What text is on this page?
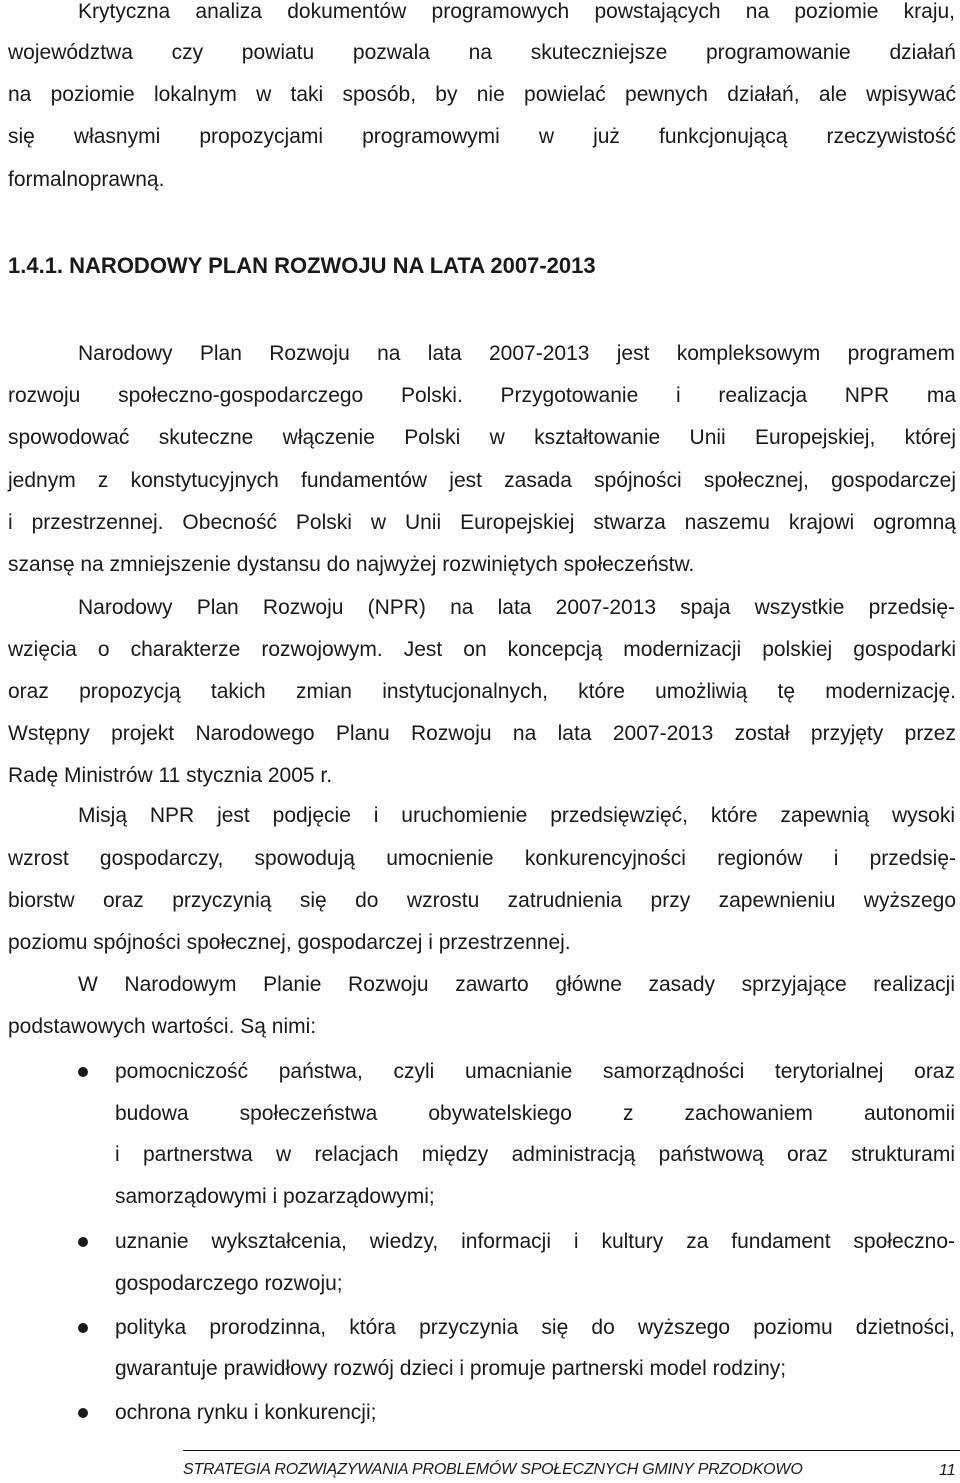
Krytyczna analiza dokumentów programowych powstających na poziomie kraju,
województwa czy powiatu pozwala na skuteczniejsze programowanie działań
na poziomie lokalnym w taki sposób, by nie powielać pewnych działań, ale wpisywać
się własnymi propozycjami programowymi w już funkcjonującą rzeczywistość
formalnoprawną.
1.4.1. NARODOWY PLAN ROZWOJU NA LATA 2007-2013
Narodowy Plan Rozwoju na lata 2007-2013 jest kompleksowym programem
rozwoju społeczno-gospodarczego Polski. Przygotowanie i realizacja NPR ma
spowodować skuteczne włączenie Polski w kształtowanie Unii Europejskiej, której
jednym z konstytucyjnych fundamentów jest zasada spójności społecznej, gospodarczej
i przestrzennej. Obecność Polski w Unii Europejskiej stwarza naszemu krajowi ogromną
szansę na zmniejszenie dystansu do najwyżej rozwiniętych społeczeństw.
Narodowy Plan Rozwoju (NPR) na lata 2007-2013 spaja wszystkie przedsię-
wzięcia o charakterze rozwojowym. Jest on koncepcją modernizacji polskiej gospodarki
oraz propozycją takich zmian instytucjonalnych, które umożliwią tę modernizację.
Wstępny projekt Narodowego Planu Rozwoju na lata 2007-2013 został przyjęty przez
Radę Ministrów 11 stycznia 2005 r.
Misją NPR jest podjęcie i uruchomienie przedsięwzięć, które zapewnią wysoki
wzrost gospodarczy, spowodują umocnienie konkurencyjności regionów i przedsię-
biorstw oraz przyczynią się do wzrostu zatrudnienia przy zapewnieniu wyższego
poziomu spójności społecznej, gospodarczej i przestrzennej.
W Narodowym Planie Rozwoju zawarto główne zasady sprzyjające realizacji
podstawowych wartości. Są nimi:
pomocniczość państwa, czyli umacnianie samorządności terytorialnej oraz
budowa społeczeństwa obywatelskiego z zachowaniem autonomii
i partnerstwa w relacjach między administracją państwową oraz strukturami
samorządowymi i pozarządowymi;
uznanie wykształcenia, wiedzy, informacji i kultury za fundament społeczno-
gospodarczego rozwoju;
polityka prorodzinna, która przyczynia się do wyższego poziomu dzietności,
gwarantuje prawidłowy rozwój dzieci i promuje partnerski model rodziny;
ochrona rynku i konkurencji;
STRATEGIA ROZWIĄZYWANIA PROBLEMÓW SPOŁECZNYCH GMINY PRZODKOWO	11
